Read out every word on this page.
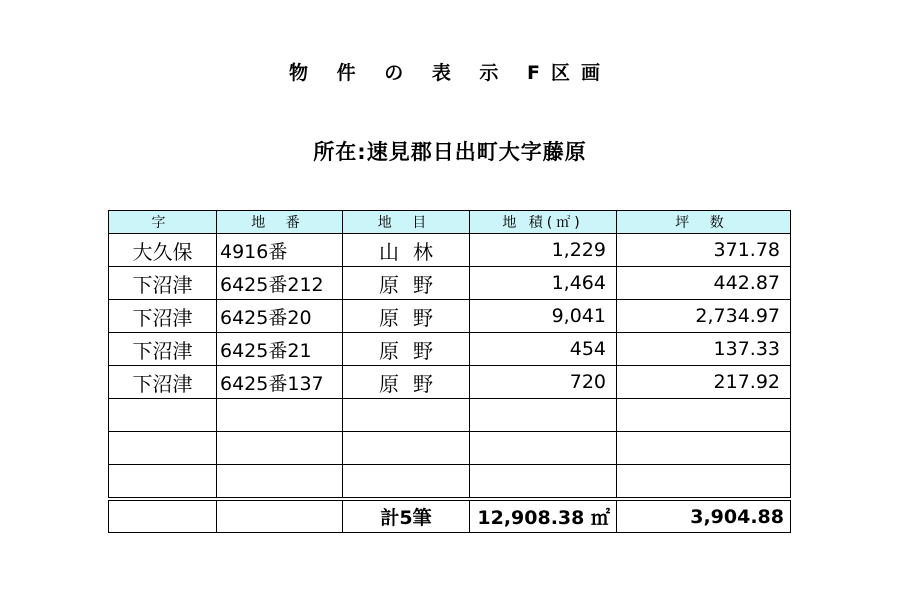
物 件 の 表 示 F区画
所在:速見郡日出町大字藤原
字	地 番	地 目	地 積(㎡)	坪 数
大久保	4916番	山林	1,229	371.78
下沼津	6425番212	原野	1,464	442.87
下沼津	6425番20	原野	9,041	2,734.97
下沼津	6425番21	原野	454	137.33
下沼津	6425番137	原野	720	217.92

		計5筆	12,908.38 ㎡	3,904.88
